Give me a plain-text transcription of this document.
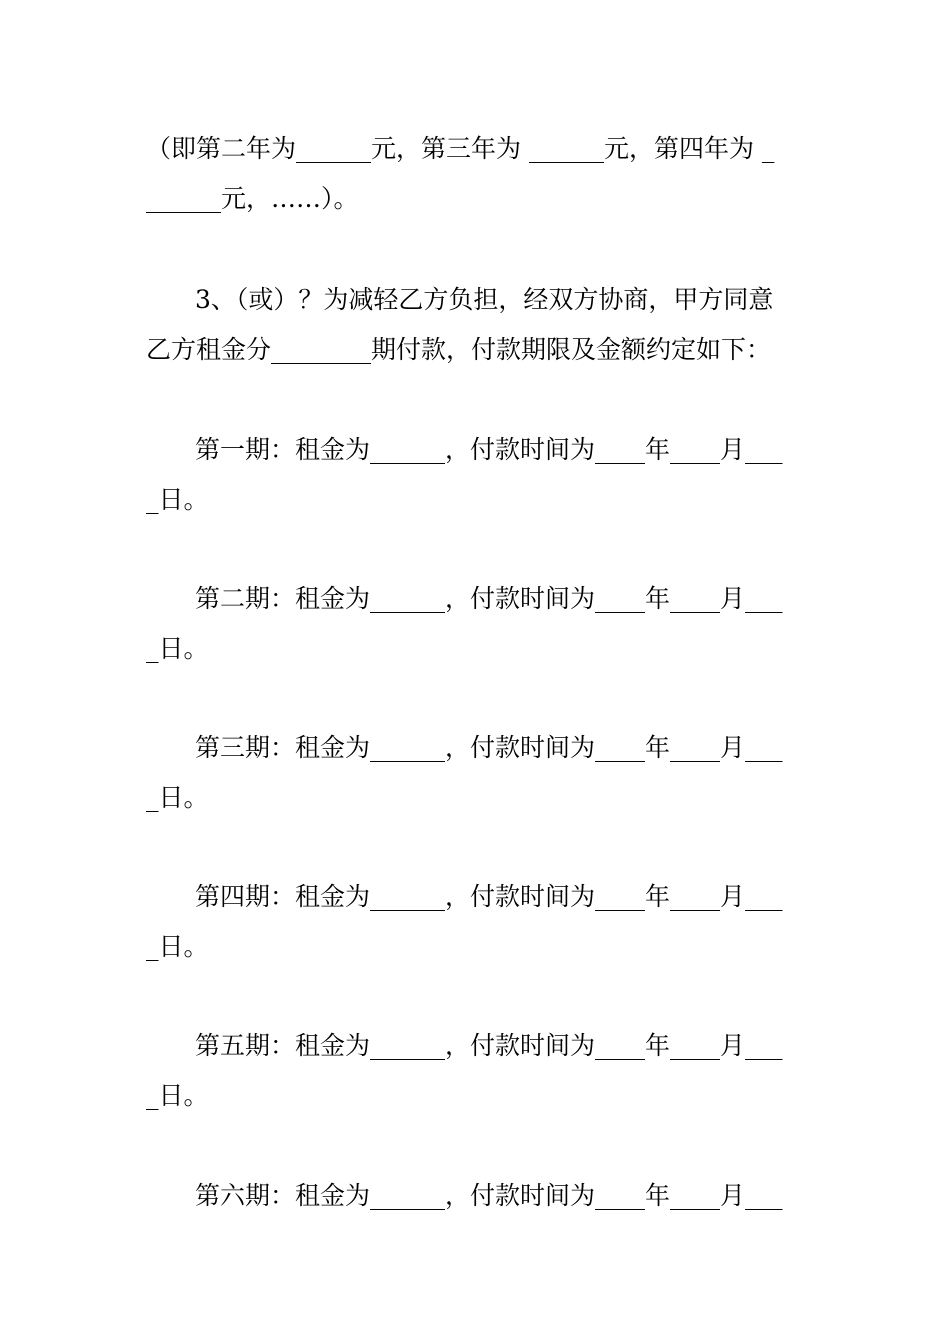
（即第二年为______元，第三年为 ______元，第四年为 _
______元，……）。
3、（或）？为减轻乙方负担，经双方协商，甲方同意
乙方租金分________期付款，付款期限及金额约定如下：
第一期：租金为______，付款时间为____年____月___
_日。
第二期：租金为______，付款时间为____年____月___
_日。
第三期：租金为______，付款时间为____年____月___
_日。
第四期：租金为______，付款时间为____年____月___
_日。
第五期：租金为______，付款时间为____年____月___
_日。
第六期：租金为______，付款时间为____年____月___
